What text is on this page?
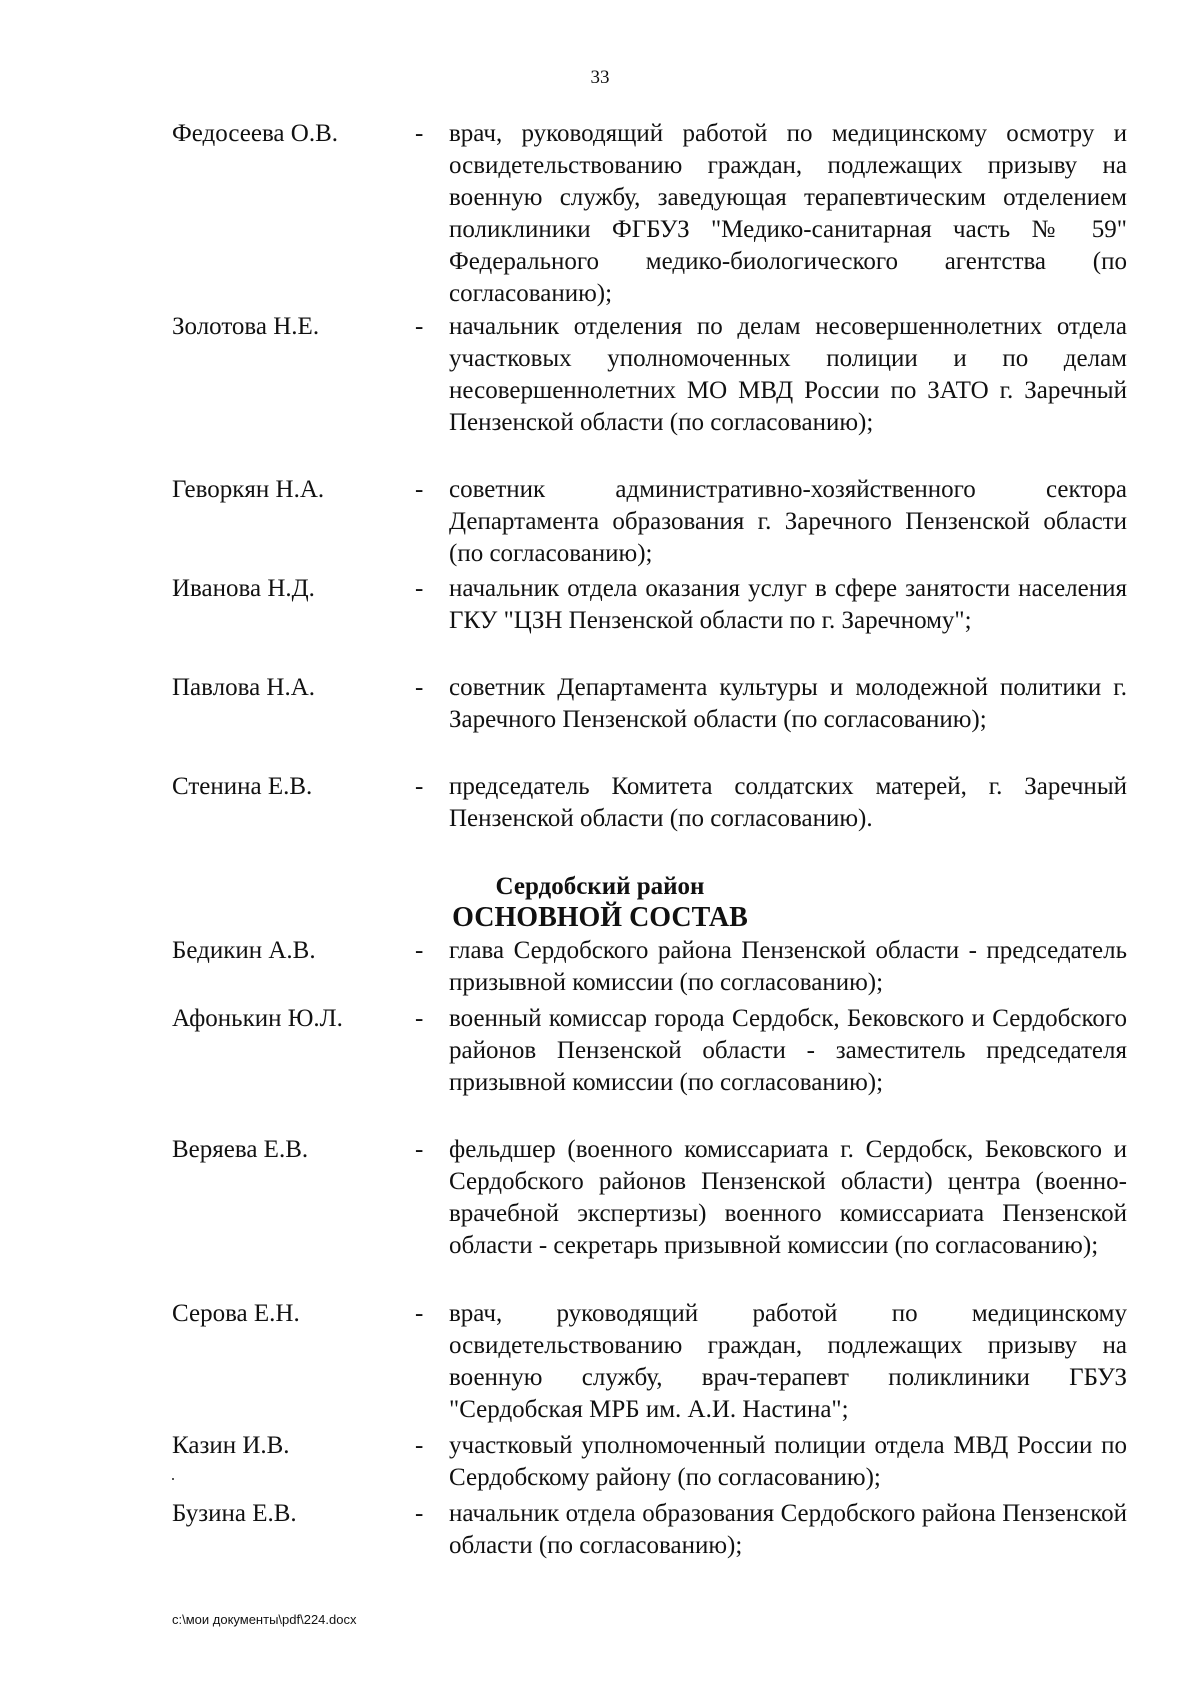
33
Федосеева О.В.	- врач, руководящий работой по медицинскому осмотру и освидетельствованию граждан, подлежащих призыву на военную службу, заведующая терапевтическим отделением поликлиники ФГБУЗ "Медико-санитарная часть № 59" Федерального медико-биологического агентства (по согласованию);
Золотова Н.Е.	- начальник отделения по делам несовершеннолетних отдела участковых уполномоченных полиции и по делам несовершеннолетних МО МВД России по ЗАТО г. Заречный Пензенской области (по согласованию);
Геворкян Н.А.	- советник административно-хозяйственного сектора Департамента образования г. Заречного Пензенской области (по согласованию);
Иванова Н.Д.	- начальник отдела оказания услуг в сфере занятости населения ГКУ "ЦЗН Пензенской области по г. Заречному";
Павлова Н.А.	- советник Департамента культуры и молодежной политики г. Заречного Пензенской области (по согласованию);
Стенина Е.В.	- председатель Комитета солдатских матерей, г. Заречный Пензенской области (по согласованию).
Сердобский район
ОСНОВНОЙ СОСТАВ
Бедикин А.В.	- глава Сердобского района Пензенской области - председатель призывной комиссии (по согласованию);
Афонькин Ю.Л.	- военный комиссар города Сердобск, Бековского и Сердобского районов Пензенской области - заместитель председателя призывной комиссии (по согласованию);
Веряева Е.В.	- фельдшер (военного комиссариата г. Сердобск, Бековского и Сердобского районов Пензенской области) центра (военно-врачебной экспертизы) военного комиссариата Пензенской области - секретарь призывной комиссии (по согласованию);
Серова Е.Н.	- врач, руководящий работой по медицинскому освидетельствованию граждан, подлежащих призыву на военную службу, врач-терапевт поликлиники ГБУЗ "Сердобская МРБ им. А.И. Настина";
Казин И.В.	- участковый уполномоченный полиции отдела МВД России по Сердобскому району (по согласованию);
Бузина Е.В.	- начальник отдела образования Сердобского района Пензенской области (по согласованию);
c:\мои документы\pdf\224.docx
